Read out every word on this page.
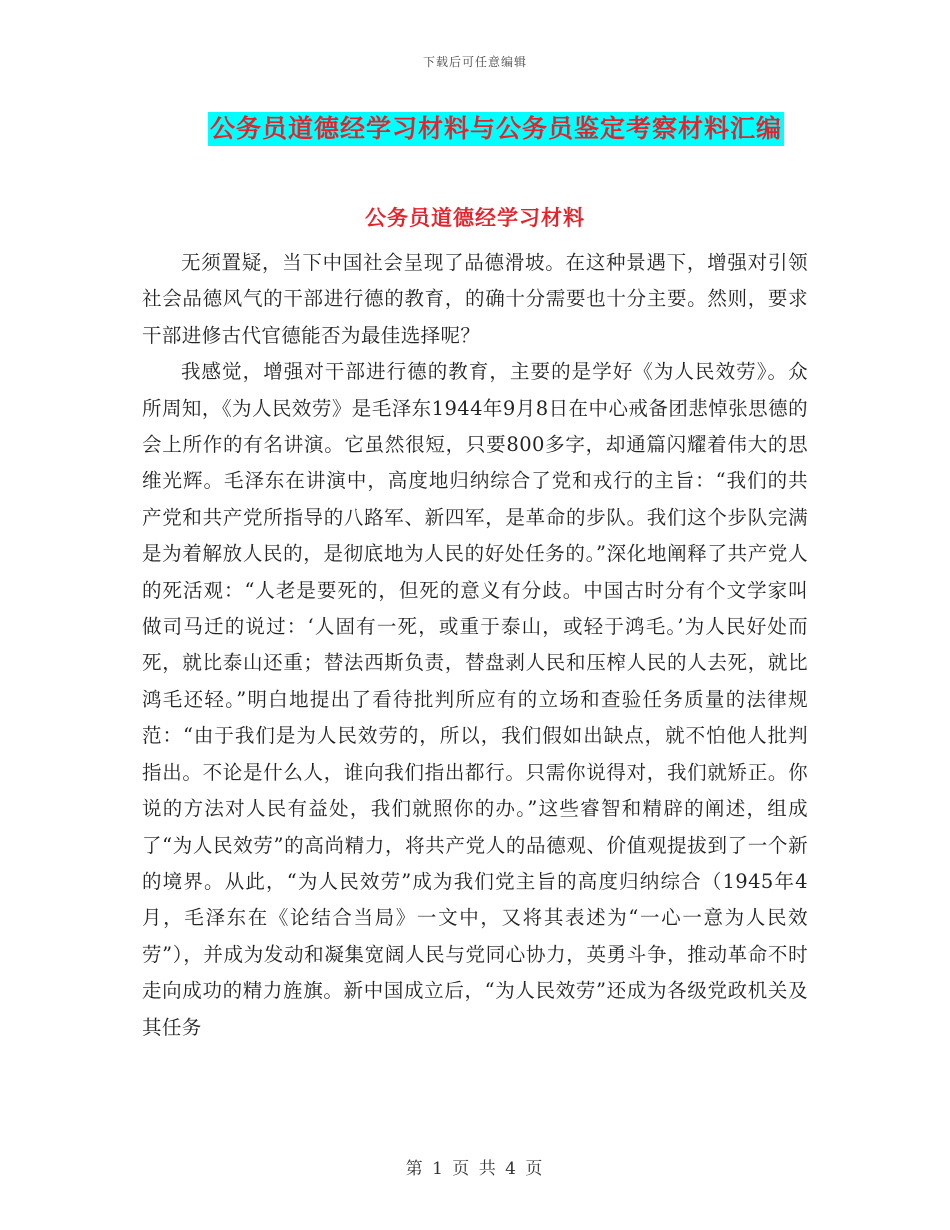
下载后可任意编辑
公务员道德经学习材料与公务员鉴定考察材料汇编
公务员道德经学习材料

无须置疑，当下中国社会呈现了品德滑坡。在这种景遇下，增强对引领社会品德风气的干部进行德的教育，的确十分需要也十分主要。然则，要求干部进修古代官德能否为最佳选择呢？

我感觉，增强对干部进行德的教育，主要的是学好《为人民效劳》。众所周知，《为人民效劳》是毛泽东1944年9月8日在中心戒备团悲悼张思德的会上所作的有名讲演。它虽然很短，只要800多字，却通篇闪耀着伟大的思维光辉。毛泽东在讲演中，高度地归纳综合了党和戎行的主旨：“我们的共产党和共产党所指导的八路军、新四军，是革命的步队。我们这个步队完满是为着解放人民的，是彻底地为人民的好处任务的。”深化地阐释了共产党人的死活观：“人老是要死的，但死的意义有分歧。中国古时分有个文学家叫做司马迁的说过：‘人固有一死，或重于泰山，或轻于鸿毛。’为人民好处而死，就比泰山还重；替法西斯负责，替盘剥人民和压榨人民的人去死，就比鸿毛还轻。”明白地提出了看待批判所应有的立场和查验任务质量的法律规范：“由于我们是为人民效劳的，所以，我们假如出缺点，就不怕他人批判指出。不论是什么人，谁向我们指出都行。只需你说得对，我们就矫正。你说的方法对人民有益处，我们就照你的办。”这些睿智和精辟的阐述，组成了“为人民效劳”的高尚精力，将共产党人的品德观、价值观提拔到了一个新的境界。从此，“为人民效劳”成为我们党主旨的高度归纳综合（1945年4月，毛泽东在《论结合当局》一文中，又将其表述为“一心一意为人民效劳”），并成为发动和凝集宽阔人民与党同心协力，英勇斗争，推动革命不时走向成功的精力旌旗。新中国成立后，“为人民效劳”还成为各级党政机关及其任务

第 1 页 共 4 页
